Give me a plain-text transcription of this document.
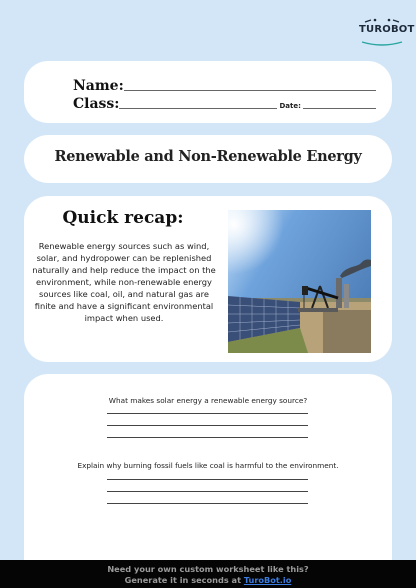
TUROBOT
Name:
Class:	Date:
Renewable and Non-Renewable Energy
Quick recap:
Renewable energy sources such as wind, solar, and hydropower can be replenished naturally and help reduce the impact on the environment, while non-renewable energy sources like coal, oil, and natural gas are finite and have a significant environmental impact when used.
What makes solar energy a renewable energy source?
Explain why burning fossil fuels like coal is harmful to the environment.
Need your own custom worksheet like this?
Generate it in seconds at TuroBot.io
